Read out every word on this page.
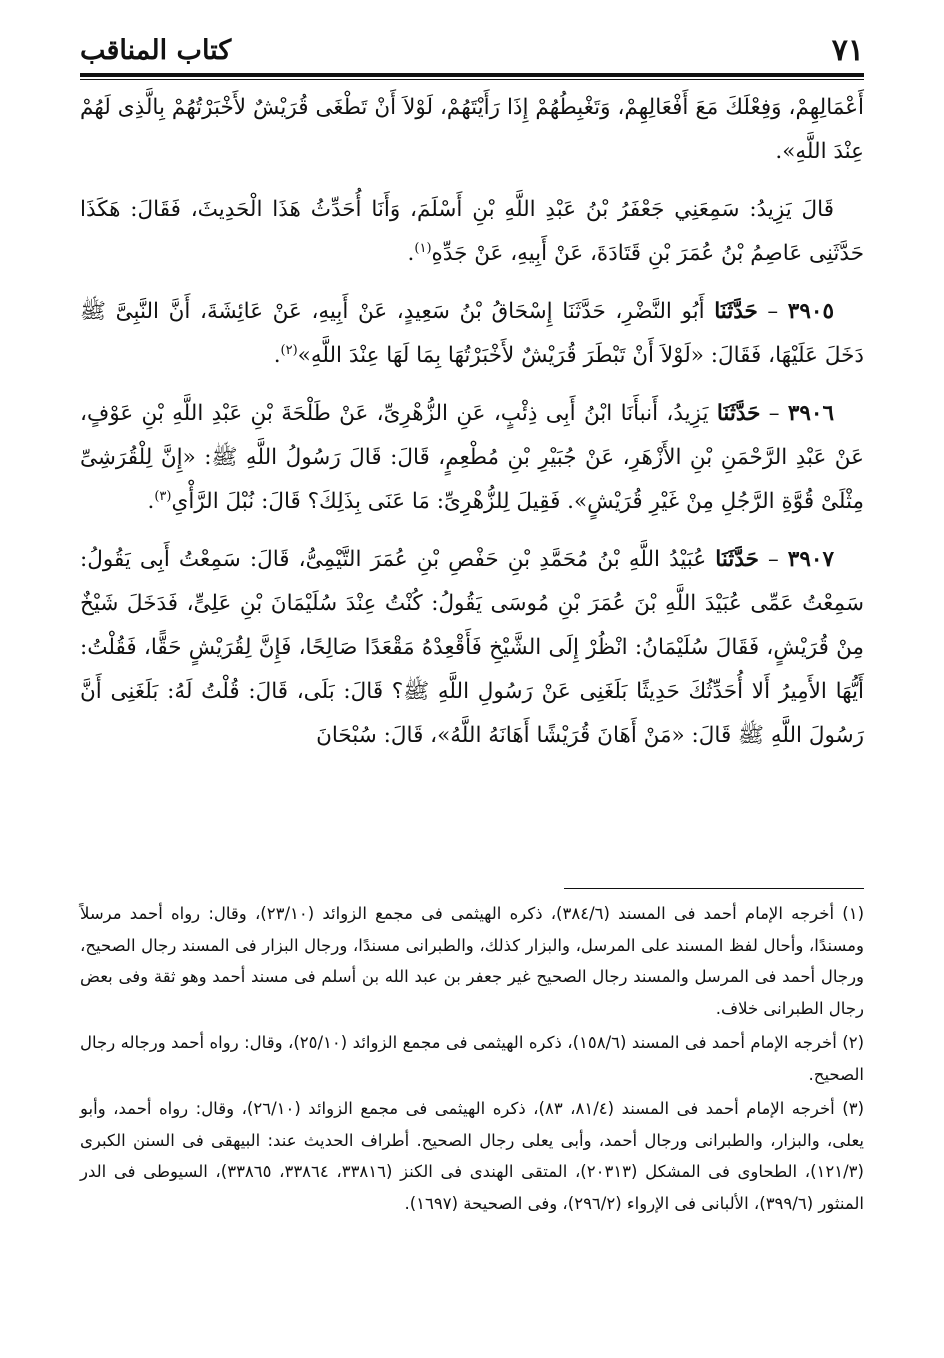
كتاب المناقب	٧١

أَعْمَالِهِمْ، وَفِعْلَكَ مَعَ أَفْعَالِهِمْ، وَتَغْبِطُهُمْ إِذَا رَأَيْتَهُمْ، لَوْلاَ أَنْ تَطْغَى قُرَيْشٌ لأَخْبَرْتُهُمْ بِالَّذِى لَهُمْ عِنْدَ اللَّهِ».

قَالَ يَزِيدُ: سَمِعَنِي جَعْفَرُ بْنُ عَبْدِ اللَّهِ بْنِ أَسْلَمَ، وَأَنَا أُحَدِّثُ هَذَا الْحَدِيثَ، فَقَالَ: هَكَذَا حَدَّثَنِى عَاصِمُ بْنُ عُمَرَ بْنِ قَتَادَةَ، عَنْ أَبِيهِ، عَنْ جَدِّهِ$^{(١)}$.

٣٩٠٥ – حَدَّثَنَا أَبُو النَّضْرِ، حَدَّثَنَا إِسْحَاقُ بْنُ سَعِيدٍ، عَنْ أَبِيهِ، عَنْ عَائِشَةَ، أَنَّ النَّبِىَّ ﷺ دَخَلَ عَلَيْهَا، فَقَالَ: «لَوْلاَ أَنْ تَبْطَرَ قُرَيْشٌ لأَخْبَرْتُهَا بِمَا لَهَا عِنْدَ اللَّهِ»$^{(٢)}$.

٣٩٠٦ – حَدَّثَنَا يَزِيدُ، أَنبأَنَا ابْنُ أَبِى ذِئْبٍ، عَنِ الزُّهْرِىِّ، عَنْ طَلْحَةَ بْنِ عَبْدِ اللَّهِ بْنِ عَوْفٍ، عَنْ عَبْدِ الرَّحْمَنِ بْنِ الأَزْهَرِ، عَنْ جُبَيْرِ بْنِ مُطْعِمٍ، قَالَ: قَالَ رَسُولُ اللَّهِ ﷺ: «إِنَّ لِلْقُرَشِىِّ مِثْلَىْ قُوَّةِ الرَّجُلِ مِنْ غَيْرِ قُرَيْشٍ». فَقِيلَ لِلزُّهْرِىِّ: مَا عَنَى بِذَلِكَ؟ قَالَ: نُبْلَ الرَّأْىِ$^{(٣)}$.

٣٩٠٧ – حَدَّثَنَا عُبَيْدُ اللَّهِ بْنُ مُحَمَّدِ بْنِ حَفْصِ بْنِ عُمَرَ التَّيْمِىُّ، قَالَ: سَمِعْتُ أَبِى يَقُولُ: سَمِعْتُ عَمِّى عُبَيْدَ اللَّهِ بْنَ عُمَرَ بْنِ مُوسَى يَقُولُ: كُنْتُ عِنْدَ سُلَيْمَانَ بْنِ عَلِىٍّ، فَدَخَلَ شَيْخٌ مِنْ قُرَيْشٍ، فَقَالَ سُلَيْمَانُ: انْظُرْ إِلَى الشَّيْخِ فَأَقْعِدْهُ مَقْعَدًا صَالِحًا، فَإِنَّ لِقُرَيْشٍ حَقًّا، فَقُلْتُ: أَيُّهَا الأَمِيرُ أَلا أُحَدِّثُكَ حَدِيثًا بَلَغَنِى عَنْ رَسُولِ اللَّهِ ﷺ؟ قَالَ: بَلَى، قَالَ: قُلْتُ لَهُ: بَلَغَنِى أَنَّ رَسُولَ اللَّهِ ﷺ قَالَ: «مَنْ أَهَانَ قُرَيْشًا أَهَانَهُ اللَّهُ»، قَالَ: سُبْحَانَ

(١) أخرجه الإمام أحمد فى المسند (٣٨٤/٦)، ذكره الهيثمى فى مجمع الزوائد (٢٣/١٠)، وقال: رواه أحمد مرسلاً ومسندًا، وأحال لفظ المسند على المرسل، والبزار كذلك، والطبرانى مسندًا، ورجال البزار فى المسند رجال الصحيح، ورجال أحمد فى المرسل والمسند رجال الصحيح غير جعفر بن عبد الله بن أسلم فى مسند أحمد وهو ثقة وفى بعض رجال الطبرانى خلاف.

(٢) أخرجه الإمام أحمد فى المسند (١٥٨/٦)، ذكره الهيثمى فى مجمع الزوائد (٢٥/١٠)، وقال: رواه أحمد ورجاله رجال الصحيح.

(٣) أخرجه الإمام أحمد فى المسند (٨١/٤، ٨٣)، ذكره الهيثمى فى مجمع الزوائد (٢٦/١٠)، وقال: رواه أحمد، وأبو يعلى، والبزار، والطبرانى ورجال أحمد، وأبى يعلى رجال الصحيح. أطراف الحديث عند: البيهقى فى السنن الكبرى (١٢١/٣)، الطحاوى فى المشكل (٢٠٣١٣)، المتقى الهندى فى الكنز (٣٣٨١٦، ٣٣٨٦٤، ٣٣٨٦٥)، السيوطى فى الدر المنثور (٣٩٩/٦)، الألبانى فى الإرواء (٢٩٦/٢)، وفى الصحيحة (١٦٩٧).
